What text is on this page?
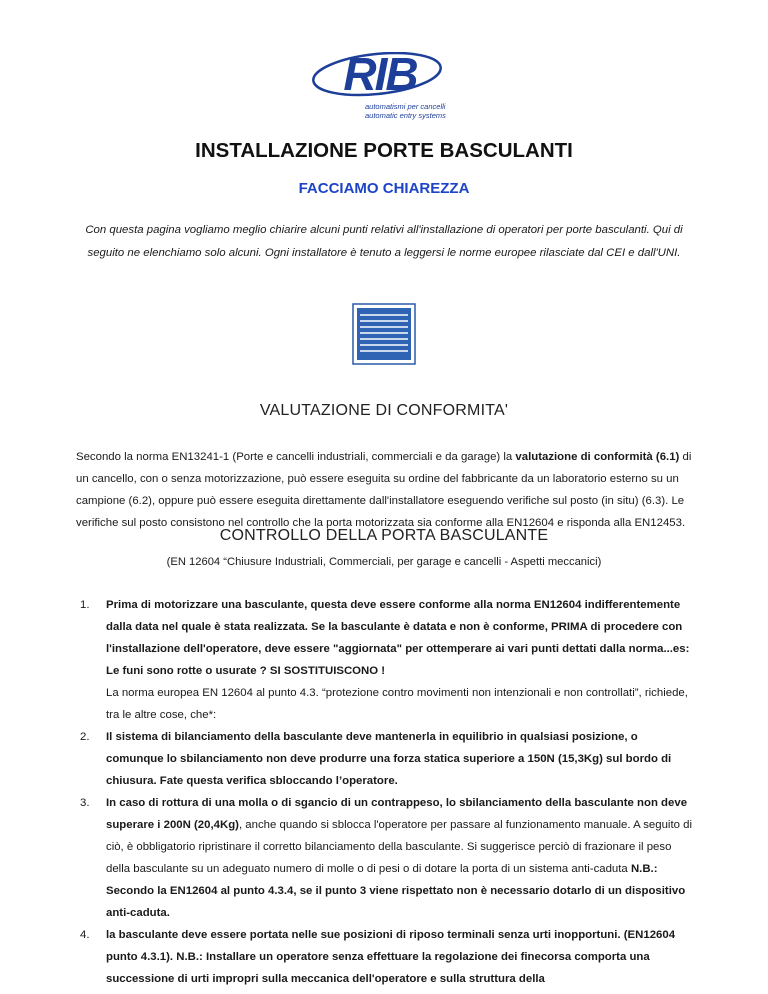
RIB
automatismi per cancelli
automatic entry systems
INSTALLAZIONE PORTE BASCULANTI
FACCIAMO CHIAREZZA
Con questa pagina vogliamo meglio chiarire alcuni punti relativi all'installazione di operatori per porte basculanti. Qui di seguito ne elenchiamo solo alcuni. Ogni installatore è tenuto a leggersi le norme europee rilasciate dal CEI e dall'UNI.
VALUTAZIONE DI CONFORMITA'
Secondo la norma EN13241-1 (Porte e cancelli industriali, commerciali e da garage) la valutazione di conformità (6.1) di un cancello, con o senza motorizzazione, può essere eseguita su ordine del fabbricante da un laboratorio esterno su un campione (6.2), oppure può essere eseguita direttamente dall'installatore eseguendo verifiche sul posto (in situ) (6.3). Le verifiche sul posto consistono nel controllo che la porta motorizzata sia conforme alla EN12604 e risponda alla EN12453.
CONTROLLO DELLA PORTA BASCULANTE
(EN 12604 “Chiusure Industriali, Commerciali, per garage e cancelli - Aspetti meccanici)
1. Prima di motorizzare una basculante, questa deve essere conforme alla norma EN12604 indifferentemente dalla data nel quale è stata realizzata. Se la basculante è datata e non è conforme, PRIMA di procedere con l'installazione dell'operatore, deve essere "aggiornata" per ottemperare ai vari punti dettati dalla norma...es: Le funi sono rotte o usurate ? SI SOSTITUISCONO !
La norma europea EN 12604 al punto 4.3. “protezione contro movimenti non intenzionali e non controllati”, richiede, tra le altre cose, che*:
2. Il sistema di bilanciamento della basculante deve mantenerla in equilibrio in qualsiasi posizione, o comunque lo sbilanciamento non deve produrre una forza statica superiore a 150N (15,3Kg) sul bordo di chiusura. Fate questa verifica sbloccando l’operatore.
3. In caso di rottura di una molla o di sgancio di un contrappeso, lo sbilanciamento della basculante non deve superare i 200N (20,4Kg), anche quando si sblocca l'operatore per passare al funzionamento manuale. A seguito di ciò, è obbligatorio ripristinare il corretto bilanciamento della basculante. Si suggerisce perciò di frazionare il peso della basculante su un adeguato numero di molle o di pesi o di dotare la porta di un sistema anti-caduta N.B.: Secondo la EN12604 al punto 4.3.4, se il punto 3 viene rispettato non è necessario dotarlo di un dispositivo anti-caduta.
4. la basculante deve essere portata nelle sue posizioni di riposo terminali senza urti inopportuni. (EN12604 punto 4.3.1). N.B.: Installare un operatore senza effettuare la regolazione dei finecorsa comporta una successione di urti impropri sulla meccanica dell'operatore e sulla struttura della
